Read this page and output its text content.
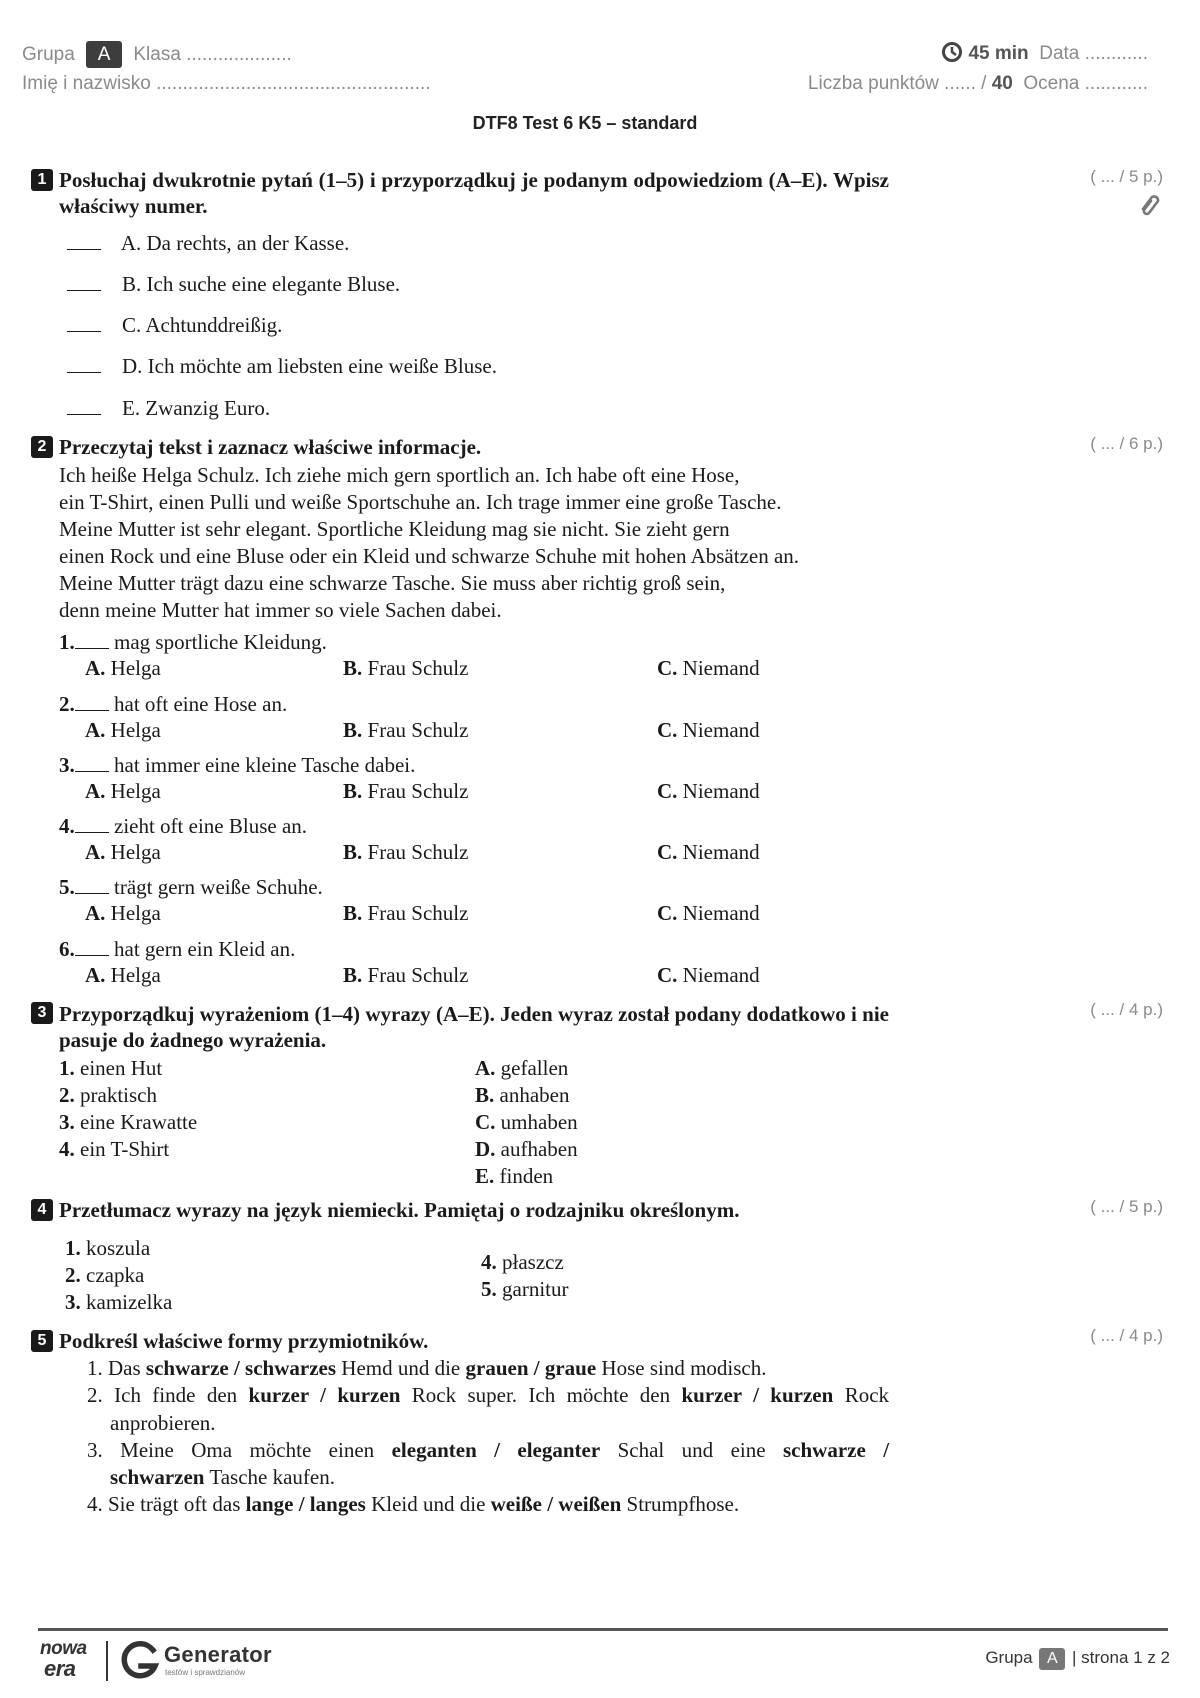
Grupa A Klasa ....................
Imię i nazwisko ....................................................
45 min Data ............
Liczba punktów ...... / 40 Ocena ............
DTF8 Test 6 K5 – standard
1 Posłuchaj dwukrotnie pytań (1–5) i przyporządkuj je podanym odpowiedziom (A–E). Wpisz właściwy numer.
( ... / 5 p.)
A. Da rechts, an der Kasse.
B. Ich suche eine elegante Bluse.
C. Achtunddreißig.
D. Ich möchte am liebsten eine weiße Bluse.
E. Zwanzig Euro.
2 Przeczytaj tekst i zaznacz właściwe informacje.	( ... / 6 p.)
Ich heiße Helga Schulz. Ich ziehe mich gern sportlich an. Ich habe oft eine Hose,
ein T-Shirt, einen Pulli und weiße Sportschuhe an. Ich trage immer eine große Tasche.
Meine Mutter ist sehr elegant. Sportliche Kleidung mag sie nicht. Sie zieht gern
einen Rock und eine Bluse oder ein Kleid und schwarze Schuhe mit hohen Absätzen an.
Meine Mutter trägt dazu eine schwarze Tasche. Sie muss aber richtig groß sein,
denn meine Mutter hat immer so viele Sachen dabei.
1. mag sportliche Kleidung.
A. Helga	B. Frau Schulz	C. Niemand
2. hat oft eine Hose an.
A. Helga	B. Frau Schulz	C. Niemand
3. hat immer eine kleine Tasche dabei.
A. Helga	B. Frau Schulz	C. Niemand
4. zieht oft eine Bluse an.
A. Helga	B. Frau Schulz	C. Niemand
5. trägt gern weiße Schuhe.
A. Helga	B. Frau Schulz	C. Niemand
6. hat gern ein Kleid an.
A. Helga	B. Frau Schulz	C. Niemand
3 Przyporządkuj wyrażeniom (1–4) wyrazy (A–E). Jeden wyraz został podany dodatkowo i nie pasuje do żadnego wyrażenia.
( ... / 4 p.)
1. einen Hut
2. praktisch
3. eine Krawatte
4. ein T-Shirt
A. gefallen
B. anhaben
C. umhaben
D. aufhaben
E. finden
4 Przetłumacz wyrazy na język niemiecki. Pamiętaj o rodzajniku określonym.	( ... / 5 p.)
1. koszula
2. czapka
3. kamizelka
4. płaszcz
5. garnitur
5 Podkreśl właściwe formy przymiotników.	( ... / 4 p.)
1. Das schwarze / schwarzes Hemd und die grauen / graue Hose sind modisch.
2. Ich finde den kurzer / kurzen Rock super. Ich möchte den kurzer / kurzen Rock
anprobieren.
3. Meine Oma möchte einen eleganten / eleganter Schal und eine schwarze /
schwarzen Tasche kaufen.
4. Sie trägt oft das lange / langes Kleid und die weiße / weißen Strumpfhose.
nowa
era
Generator
testów i sprawdzianów
Grupa A | strona 1 z 2
